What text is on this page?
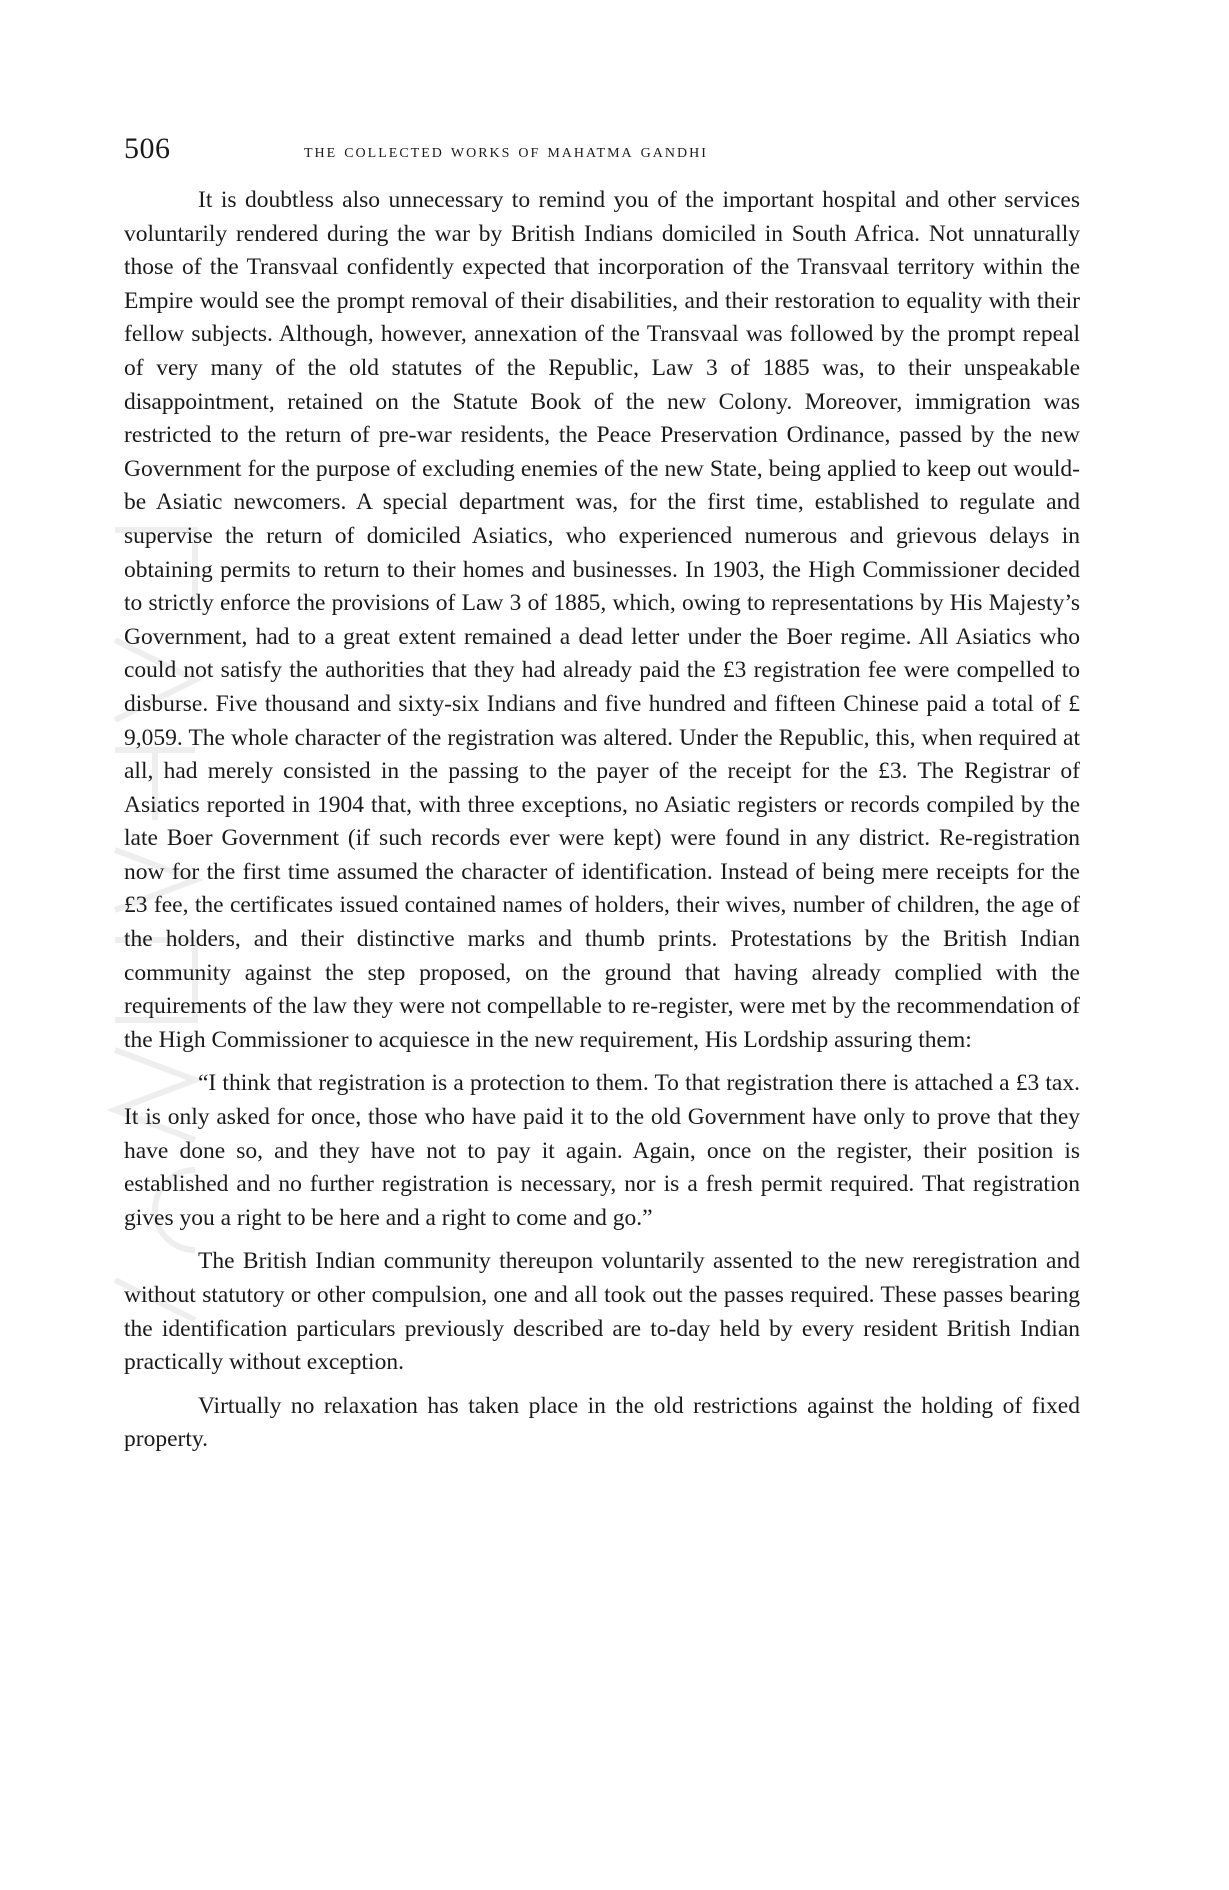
506	the collected works of mahatma gandhi

It is doubtless also unnecessary to remind you of the important hospital and other services voluntarily rendered during the war by British Indians domiciled in South Africa. Not unnaturally those of the Transvaal confidently expected that incorporation of the Transvaal territory within the Empire would see the prompt removal of their disabilities, and their restoration to equality with their fellow subjects. Although, however, annexation of the Transvaal was followed by the prompt repeal of very many of the old statutes of the Republic, Law 3 of 1885 was, to their unspeakable disappointment, retained on the Statute Book of the new Colony. Moreover, immigration was restricted to the return of pre-war residents, the Peace Preservation Ordinance, passed by the new Government for the purpose of excluding enemies of the new State, being applied to keep out would-be Asiatic newcomers. A special department was, for the first time, established to regulate and supervise the return of domiciled Asiatics, who experienced numerous and grievous delays in obtaining permits to return to their homes and businesses. In 1903, the High Commissioner decided to strictly enforce the provisions of Law 3 of 1885, which, owing to representations by His Majesty’s Government, had to a great extent remained a dead letter under the Boer regime. All Asiatics who could not satisfy the authorities that they had already paid the £3 registration fee were compelled to disburse. Five thousand and sixty-six Indians and five hundred and fifteen Chinese paid a total of £ 9,059. The whole character of the registration was altered. Under the Republic, this, when required at all, had merely consisted in the passing to the payer of the receipt for the £3. The Registrar of Asiatics reported in 1904 that, with three exceptions, no Asiatic registers or records compiled by the late Boer Government (if such records ever were kept) were found in any district. Re-registration now for the first time assumed the character of identification. Instead of being mere receipts for the £3 fee, the certificates issued contained names of holders, their wives, number of children, the age of the holders, and their distinctive marks and thumb prints. Protestations by the British Indian community against the step proposed, on the ground that having already complied with the requirements of the law they were not compellable to re-register, were met by the recommendation of the High Commissioner to acquiesce in the new requirement, His Lordship assuring them:

“I think that registration is a protection to them. To that registration there is attached a £3 tax. It is only asked for once, those who have paid it to the old Government have only to prove that they have done so, and they have not to pay it again. Again, once on the register, their position is established and no further registration is necessary, nor is a fresh permit required. That registration gives you a right to be here and a right to come and go.”

The British Indian community thereupon voluntarily assented to the new reregistration and without statutory or other compulsion, one and all took out the passes required. These passes bearing the identification particulars previously described are to-day held by every resident British Indian practically without exception.

Virtually no relaxation has taken place in the old restrictions against the holding of fixed property.
